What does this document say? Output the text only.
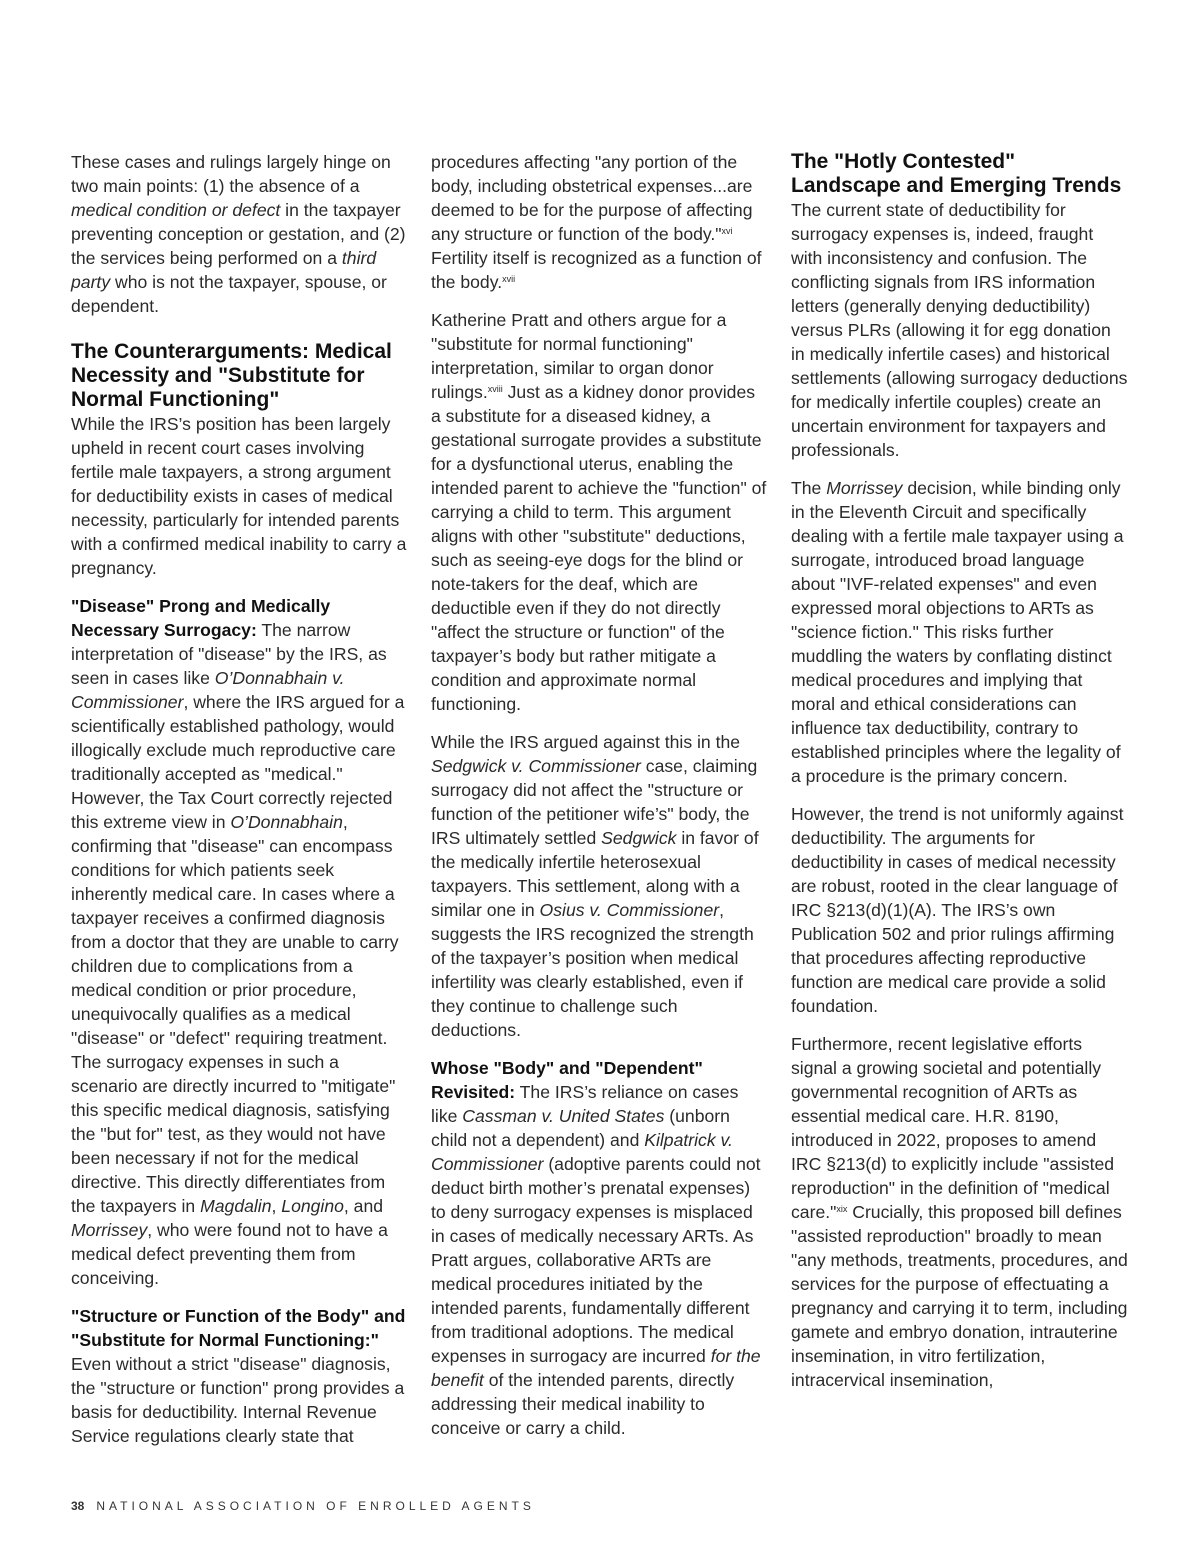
These cases and rulings largely hinge on two main points: (1) the absence of a medical condition or defect in the taxpayer preventing conception or gestation, and (2) the services being performed on a third party who is not the taxpayer, spouse, or dependent.

The Counterarguments: Medical Necessity and "Substitute for Normal Functioning"

While the IRS’s position has been largely upheld in recent court cases involving fertile male taxpayers, a strong argument for deductibility exists in cases of medical necessity, particularly for intended parents with a confirmed medical inability to carry a pregnancy.

"Disease" Prong and Medically Necessary Surrogacy: The narrow interpretation of "disease" by the IRS, as seen in cases like O’Donnabhain v. Commissioner, where the IRS argued for a scientifically established pathology, would illogically exclude much reproductive care traditionally accepted as "medical." However, the Tax Court correctly rejected this extreme view in O’Donnabhain, confirming that "disease" can encompass conditions for which patients seek inherently medical care. In cases where a taxpayer receives a confirmed diagnosis from a doctor that they are unable to carry children due to complications from a medical condition or prior procedure, unequivocally qualifies as a medical "disease" or "defect" requiring treatment. The surrogacy expenses in such a scenario are directly incurred to "mitigate" this specific medical diagnosis, satisfying the "but for" test, as they would not have been necessary if not for the medical directive. This directly differentiates from the taxpayers in Magdalin, Longino, and Morrissey, who were found not to have a medical defect preventing them from conceiving.

"Structure or Function of the Body" and "Substitute for Normal Functioning:" Even without a strict "disease" diagnosis, the "structure or function" prong provides a basis for deductibility. Internal Revenue Service regulations clearly state that

procedures affecting "any portion of the body, including obstetrical expenses...are deemed to be for the purpose of affecting any structure or function of the body."$^{xvi}$ Fertility itself is recognized as a function of the body.$^{xvii}$

Katherine Pratt and others argue for a "substitute for normal functioning" interpretation, similar to organ donor rulings.$^{xviii}$ Just as a kidney donor provides a substitute for a diseased kidney, a gestational surrogate provides a substitute for a dysfunctional uterus, enabling the intended parent to achieve the "function" of carrying a child to term. This argument aligns with other "substitute" deductions, such as seeing-eye dogs for the blind or note-takers for the deaf, which are deductible even if they do not directly "affect the structure or function" of the taxpayer’s body but rather mitigate a condition and approximate normal functioning.

While the IRS argued against this in the Sedgwick v. Commissioner case, claiming surrogacy did not affect the "structure or function of the petitioner wife’s" body, the IRS ultimately settled Sedgwick in favor of the medically infertile heterosexual taxpayers. This settlement, along with a similar one in Osius v. Commissioner, suggests the IRS recognized the strength of the taxpayer’s position when medical infertility was clearly established, even if they continue to challenge such deductions.

Whose "Body" and "Dependent" Revisited: The IRS’s reliance on cases like Cassman v. United States (unborn child not a dependent) and Kilpatrick v. Commissioner (adoptive parents could not deduct birth mother’s prenatal expenses) to deny surrogacy expenses is misplaced in cases of medically necessary ARTs. As Pratt argues, collaborative ARTs are medical procedures initiated by the intended parents, fundamentally different from traditional adoptions. The medical expenses in surrogacy are incurred for the benefit of the intended parents, directly addressing their medical inability to conceive or carry a child.

The "Hotly Contested" Landscape and Emerging Trends

The current state of deductibility for surrogacy expenses is, indeed, fraught with inconsistency and confusion. The conflicting signals from IRS information letters (generally denying deductibility) versus PLRs (allowing it for egg donation in medically infertile cases) and historical settlements (allowing surrogacy deductions for medically infertile couples) create an uncertain environment for taxpayers and professionals.

The Morrissey decision, while binding only in the Eleventh Circuit and specifically dealing with a fertile male taxpayer using a surrogate, introduced broad language about "IVF-related expenses" and even expressed moral objections to ARTs as "science fiction." This risks further muddling the waters by conflating distinct medical procedures and implying that moral and ethical considerations can influence tax deductibility, contrary to established principles where the legality of a procedure is the primary concern.

However, the trend is not uniformly against deductibility. The arguments for deductibility in cases of medical necessity are robust, rooted in the clear language of IRC §213(d)(1)(A). The IRS’s own Publication 502 and prior rulings affirming that procedures affecting reproductive function are medical care provide a solid foundation.

Furthermore, recent legislative efforts signal a growing societal and potentially governmental recognition of ARTs as essential medical care. H.R. 8190, introduced in 2022, proposes to amend IRC §213(d) to explicitly include "assisted reproduction" in the definition of "medical care."$^{xix}$ Crucially, this proposed bill defines "assisted reproduction" broadly to mean "any methods, treatments, procedures, and services for the purpose of effectuating a pregnancy and carrying it to term, including gamete and embryo donation, intrauterine insemination, in vitro fertilization, intracervical insemination,

38 NATIONAL ASSOCIATION OF ENROLLED AGENTS
